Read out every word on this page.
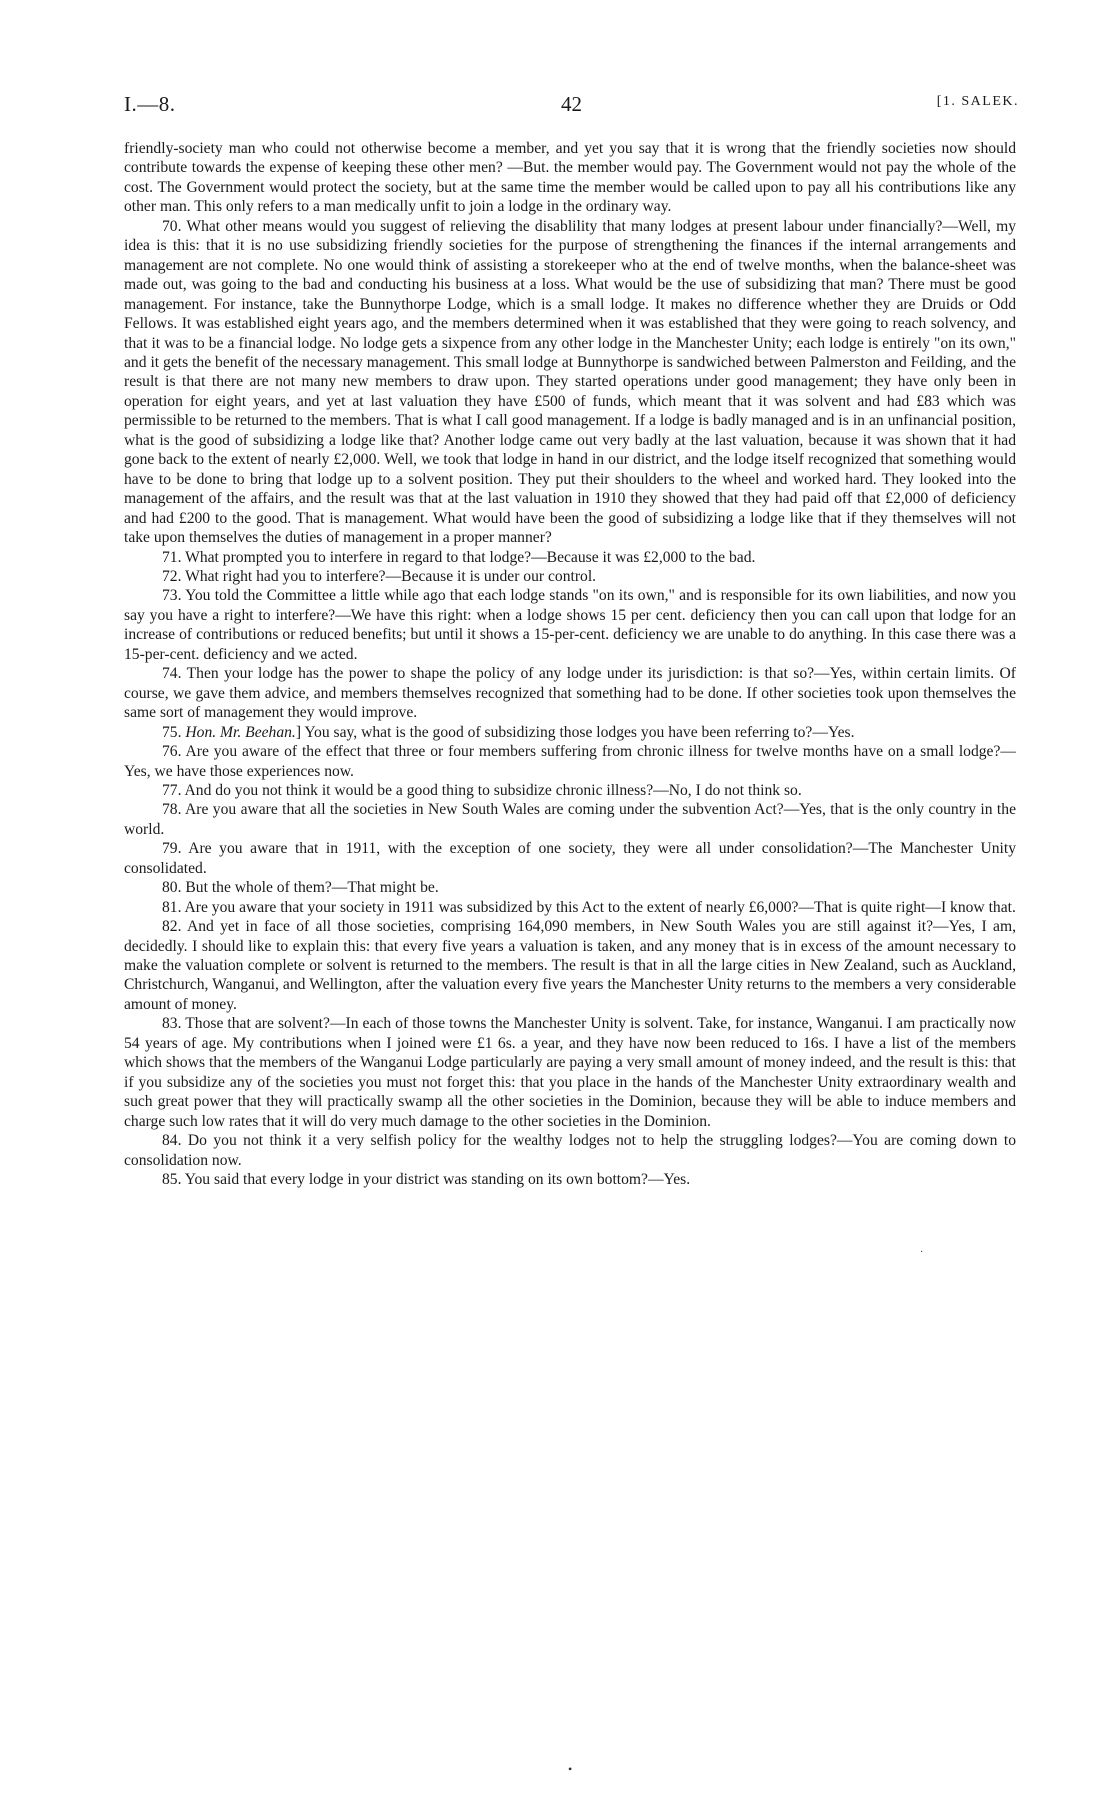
I.—8.	42	[1. SALEK.

friendly-society man who could not otherwise become a member, and yet you say that it is wrong that the friendly societies now should contribute towards the expense of keeping these other men? —But. the member would pay. The Government would not pay the whole of the cost. The Government would protect the society, but at the same time the member would be called upon to pay all his contributions like any other man. This only refers to a man medically unfit to join a lodge in the ordinary way.

70. What other means would you suggest of relieving the disablility that many lodges at present labour under financially?—Well, my idea is this: that it is no use subsidizing friendly societies for the purpose of strengthening the finances if the internal arrangements and management are not complete. No one would think of assisting a storekeeper who at the end of twelve months, when the balance-sheet was made out, was going to the bad and conducting his business at a loss. What would be the use of subsidizing that man? There must be good management. For instance, take the Bunnythorpe Lodge, which is a small lodge. It makes no difference whether they are Druids or Odd Fellows. It was established eight years ago, and the members determined when it was established that they were going to reach solvency, and that it was to be a financial lodge. No lodge gets a sixpence from any other lodge in the Manchester Unity; each lodge is entirely "on its own," and it gets the benefit of the necessary management. This small lodge at Bunnythorpe is sandwiched between Palmerston and Feilding, and the result is that there are not many new members to draw upon. They started operations under good management; they have only been in operation for eight years, and yet at last valuation they have £500 of funds, which meant that it was solvent and had £83 which was permissible to be returned to the members. That is what I call good management. If a lodge is badly managed and is in an unfinancial position, what is the good of subsidizing a lodge like that? Another lodge came out very badly at the last valuation, because it was shown that it had gone back to the extent of nearly £2,000. Well, we took that lodge in hand in our district, and the lodge itself recognized that something would have to be done to bring that lodge up to a solvent position. They put their shoulders to the wheel and worked hard. They looked into the management of the affairs, and the result was that at the last valuation in 1910 they showed that they had paid off that £2,000 of deficiency and had £200 to the good. That is management. What would have been the good of subsidizing a lodge like that if they themselves will not take upon themselves the duties of management in a proper manner?

71. What prompted you to interfere in regard to that lodge?—Because it was £2,000 to the bad.

72. What right had you to interfere?—Because it is under our control.

73. You told the Committee a little while ago that each lodge stands "on its own," and is responsible for its own liabilities, and now you say you have a right to interfere?—We have this right: when a lodge shows 15 per cent. deficiency then you can call upon that lodge for an increase of contributions or reduced benefits; but until it shows a 15-per-cent. deficiency we are unable to do anything. In this case there was a 15-per-cent. deficiency and we acted.

74. Then your lodge has the power to shape the policy of any lodge under its jurisdiction: is that so?—Yes, within certain limits. Of course, we gave them advice, and members themselves recognized that something had to be done. If other societies took upon themselves the same sort of management they would improve.

75. Hon. Mr. Beehan.] You say, what is the good of subsidizing those lodges you have been referring to?—Yes.

76. Are you aware of the effect that three or four members suffering from chronic illness for twelve months have on a small lodge?—Yes, we have those experiences now.

77. And do you not think it would be a good thing to subsidize chronic illness?—No, I do not think so.

78. Are you aware that all the societies in New South Wales are coming under the subvention Act?—Yes, that is the only country in the world.

79. Are you aware that in 1911, with the exception of one society, they were all under consolidation?—The Manchester Unity consolidated.

80. But the whole of them?—That might be.

81. Are you aware that your society in 1911 was subsidized by this Act to the extent of nearly £6,000?—That is quite right—I know that.

82. And yet in face of all those societies, comprising 164,090 members, in New South Wales you are still against it?—Yes, I am, decidedly. I should like to explain this: that every five years a valuation is taken, and any money that is in excess of the amount necessary to make the valuation complete or solvent is returned to the members. The result is that in all the large cities in New Zealand, such as Auckland, Christchurch, Wanganui, and Wellington, after the valuation every five years the Manchester Unity returns to the members a very considerable amount of money.

83. Those that are solvent?—In each of those towns the Manchester Unity is solvent. Take, for instance, Wanganui. I am practically now 54 years of age. My contributions when I joined were £1 6s. a year, and they have now been reduced to 16s. I have a list of the members which shows that the members of the Wanganui Lodge particularly are paying a very small amount of money indeed, and the result is this: that if you subsidize any of the societies you must not forget this: that you place in the hands of the Manchester Unity extraordinary wealth and such great power that they will practically swamp all the other societies in the Dominion, because they will be able to induce members and charge such low rates that it will do very much damage to the other societies in the Dominion.

84. Do you not think it a very selfish policy for the wealthy lodges not to help the struggling lodges?—You are coming down to consolidation now.

85. You said that every lodge in your district was standing on its own bottom?—Yes.

·
•
